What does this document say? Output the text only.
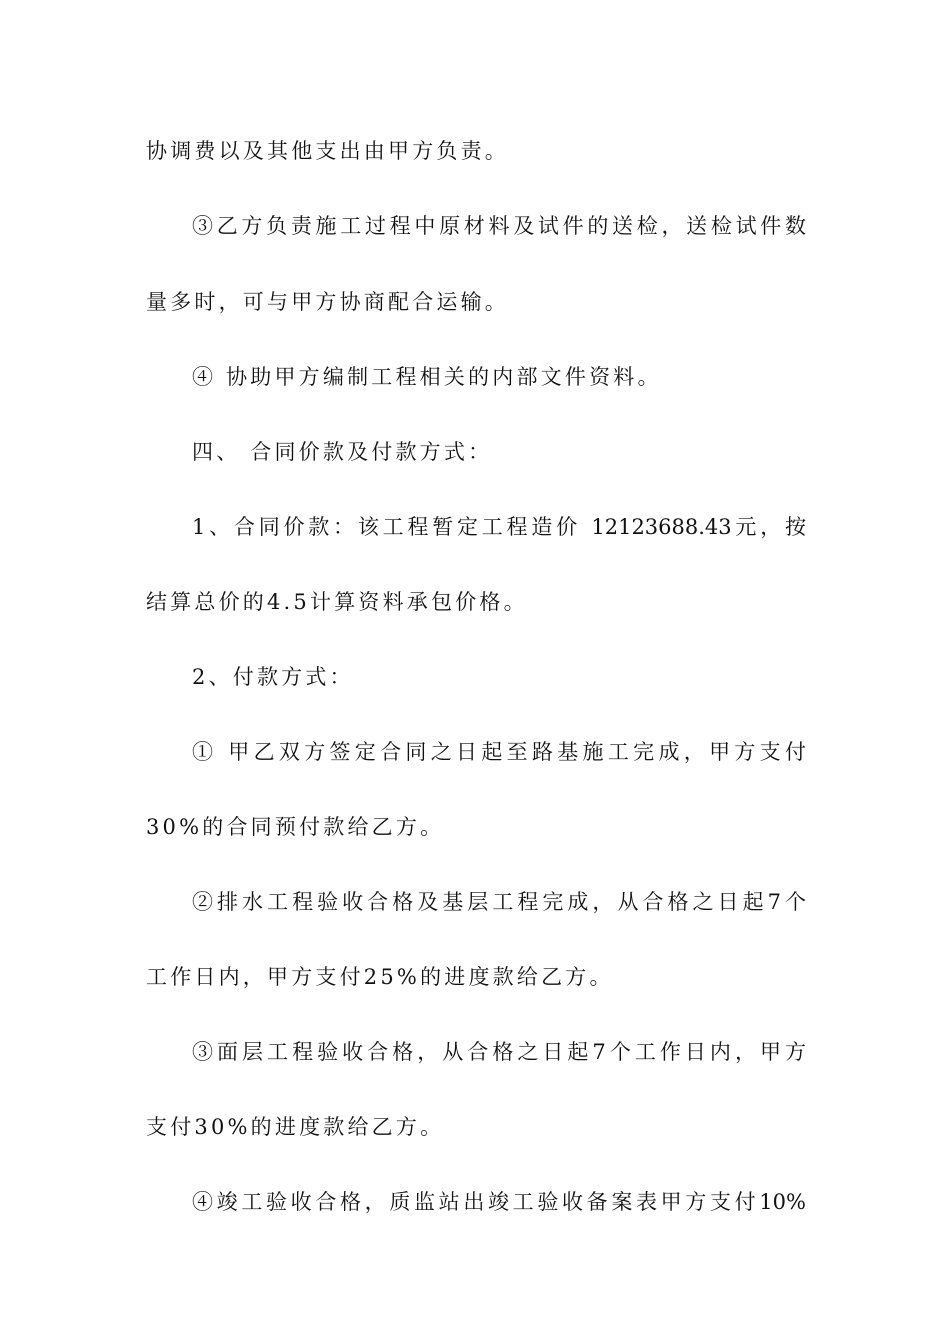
协调费以及其他支出由甲方负责。
③乙方负责施工过程中原材料及试件的送检，送检试件数
量多时，可与甲方协商配合运输。
④ 协助甲方编制工程相关的内部文件资料。
四、 合同价款及付款方式：
1、合同价款：该工程暂定工程造价 12123688.43元，按
结算总价的4.5计算资料承包价格。
2、付款方式：
① 甲乙双方签定合同之日起至路基施工完成，甲方支付
30%的合同预付款给乙方。
②排水工程验收合格及基层工程完成，从合格之日起7个
工作日内，甲方支付25%的进度款给乙方。
③面层工程验收合格，从合格之日起7个工作日内，甲方
支付30%的进度款给乙方。
④竣工验收合格，质监站出竣工验收备案表甲方支付10%
